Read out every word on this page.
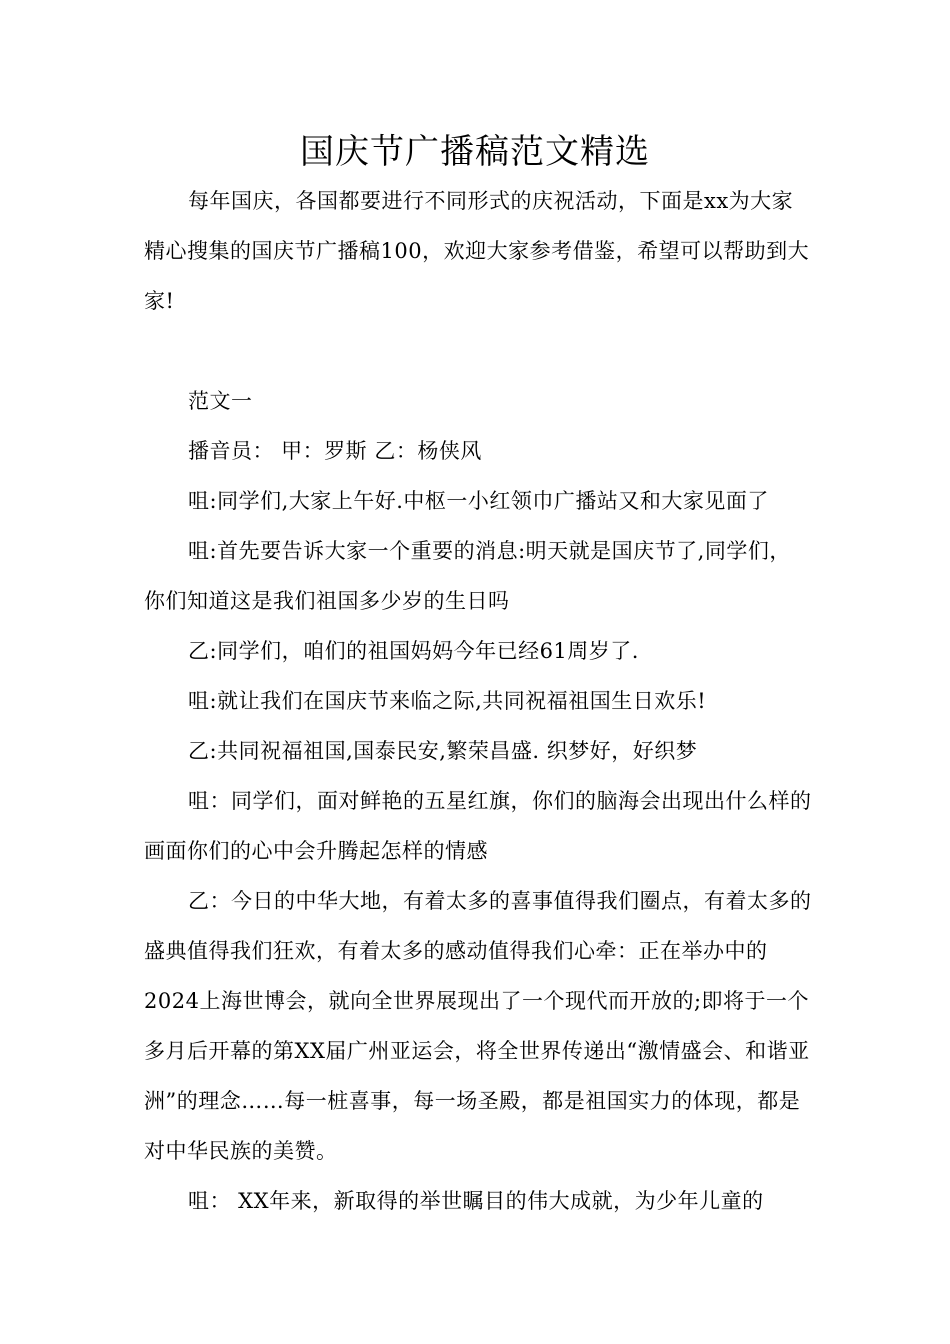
国庆节广播稿范文精选

每年国庆，各国都要进行不同形式的庆祝活动，下面是xx为大家精心搜集的国庆节广播稿100，欢迎大家参考借鉴，希望可以帮助到大家!

范文一

播音员： 甲：罗斯 乙：杨侠风

咀:同学们,大家上午好.中枢一小红领巾广播站又和大家见面了

咀:首先要告诉大家一个重要的消息:明天就是国庆节了,同学们，你们知道这是我们祖国多少岁的生日吗

乙:同学们，咱们的祖国妈妈今年已经61周岁了.

咀:就让我们在国庆节来临之际,共同祝福祖国生日欢乐!

乙:共同祝福祖国,国泰民安,繁荣昌盛. 织梦好，好织梦

咀：同学们，面对鲜艳的五星红旗，你们的脑海会出现出什么样的画面你们的心中会升腾起怎样的情感

乙：今日的中华大地，有着太多的喜事值得我们圈点，有着太多的盛典值得我们狂欢，有着太多的感动值得我们心牵：正在举办中的2024上海世博会，就向全世界展现出了一个现代而开放的;即将于一个多月后开幕的第XX届广州亚运会，将全世界传递出“激情盛会、和谐亚洲”的理念……每一桩喜事，每一场圣殿，都是祖国实力的体现，都是对中华民族的美赞。

咀： XX年来，新取得的举世瞩目的伟大成就，为少年儿童的
